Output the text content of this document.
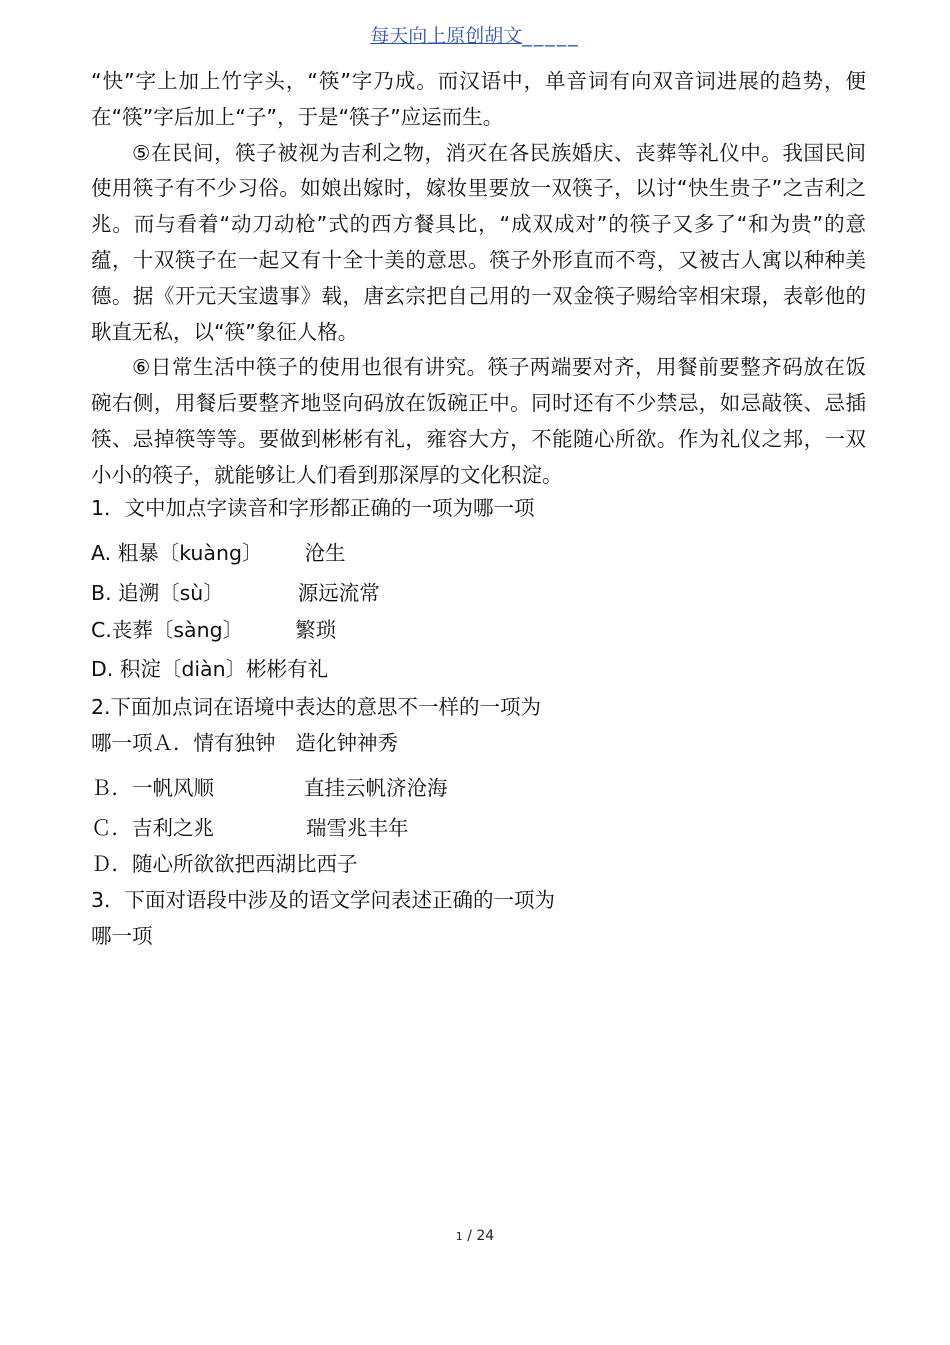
每天向上原创胡文_____

“快”字上加上竹字头，“筷”字乃成。而汉语中，单音词有向双音词进展的趋势，便在“筷”字后加上“子”，于是“筷子”应运而生。

⑤在民间，筷子被视为吉利之物，消灭在各民族婚庆、丧葬等礼仪中。我国民间使用筷子有不少习俗。如娘出嫁时，嫁妆里要放一双筷子，以讨“快生贵子”之吉利之兆。而与看着“动刀动枪”式的西方餐具比，“成双成对”的筷子又多了“和为贵”的意蕴，十双筷子在一起又有十全十美的意思。筷子外形直而不弯，又被古人寓以种种美德。据《开元天宝遗事》载，唐玄宗把自己用的一双金筷子赐给宰相宋璟，表彰他的耿直无私，以“筷”象征人格。

⑥日常生活中筷子的使用也很有讲究。筷子两端要对齐，用餐前要整齐码放在饭碗右侧，用餐后要整齐地竖向码放在饭碗正中。同时还有不少禁忌，如忌敲筷、忌插筷、忌掉筷等等。要做到彬彬有礼，雍容大方，不能随心所欲。作为礼仪之邦，一双小小的筷子，就能够让人们看到那深厚的文化积淀。

1．文中加点字读音和字形都正确的一项为哪一项
A. 粗暴〔kuàng〕 沧生
B. 追溯〔sù〕	源远流常
C.丧葬〔sàng〕	繁琐
D. 积淀〔diàn〕彬彬有礼
2.下面加点词在语境中表达的意思不一样的一项为
哪一项Ａ．情有独钟 造化钟神秀
Ｂ．一帆风顺	直挂云帆济沧海
Ｃ．吉利之兆	瑞雪兆丰年
Ｄ．随心所欲欲把西湖比西子
3．下面对语段中涉及的语文学问表述正确的一项为
哪一项
1 / 24
